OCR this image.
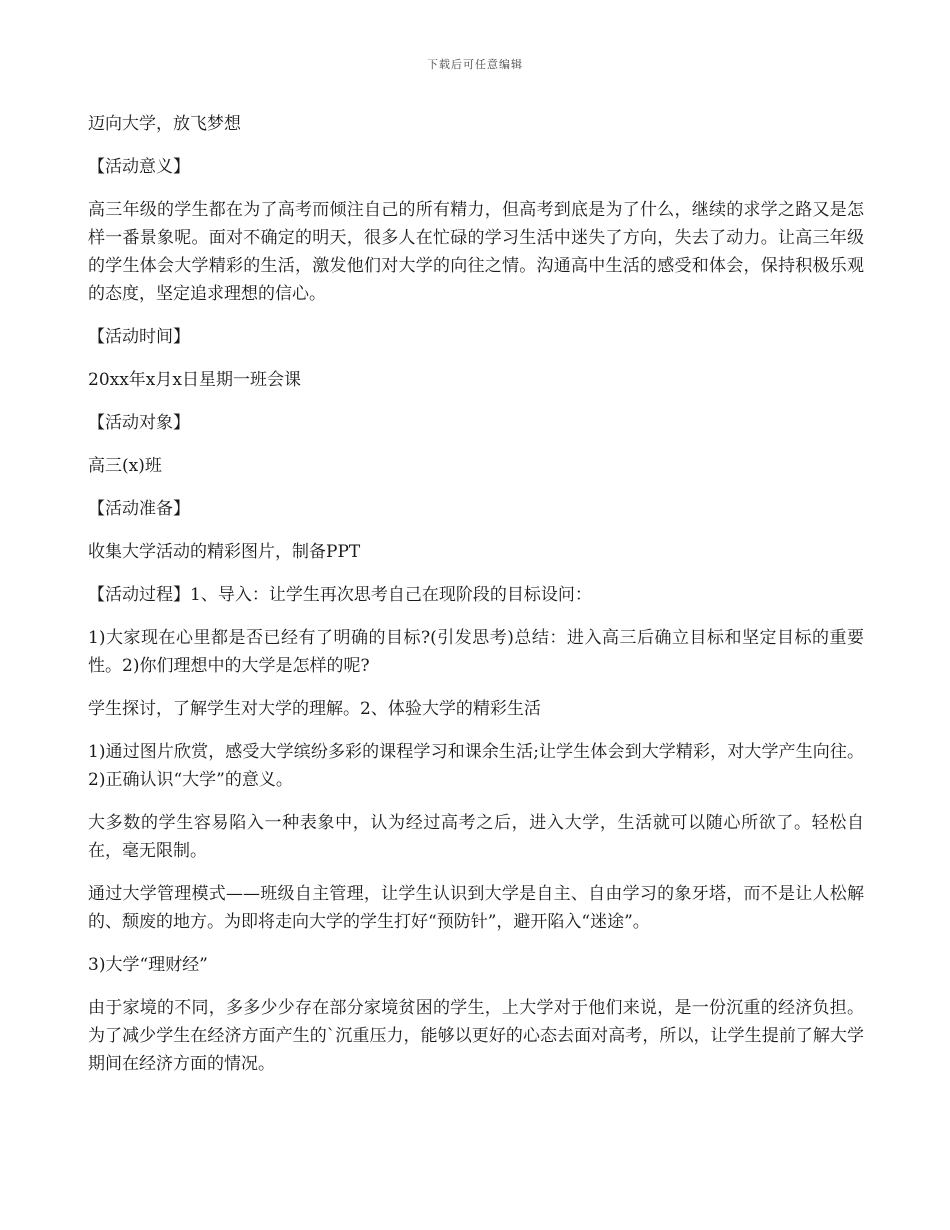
下载后可任意编辑

迈向大学，放飞梦想

【活动意义】

高三年级的学生都在为了高考而倾注自己的所有精力，但高考到底是为了什么，继续的求学之路又是怎样一番景象呢。面对不确定的明天，很多人在忙碌的学习生活中迷失了方向，失去了动力。让高三年级的学生体会大学精彩的生活，激发他们对大学的向往之情。沟通高中生活的感受和体会，保持积极乐观的态度，坚定追求理想的信心。

【活动时间】

20xx年x月x日星期一班会课

【活动对象】

高三(x)班

【活动准备】

收集大学活动的精彩图片，制备PPT

【活动过程】1、导入：让学生再次思考自己在现阶段的目标设问：

1)大家现在心里都是否已经有了明确的目标?(引发思考)总结：进入高三后确立目标和坚定目标的重要性。2)你们理想中的大学是怎样的呢?

学生探讨，了解学生对大学的理解。2、体验大学的精彩生活

1)通过图片欣赏，感受大学缤纷多彩的课程学习和课余生活;让学生体会到大学精彩，对大学产生向往。2)正确认识“大学”的意义。

大多数的学生容易陷入一种表象中，认为经过高考之后，进入大学，生活就可以随心所欲了。轻松自在，毫无限制。

通过大学管理模式——班级自主管理，让学生认识到大学是自主、自由学习的象牙塔，而不是让人松解的、颓废的地方。为即将走向大学的学生打好“预防针”，避开陷入“迷途”。

3)大学“理财经”

由于家境的不同，多多少少存在部分家境贫困的学生，上大学对于他们来说，是一份沉重的经济负担。为了减少学生在经济方面产生的`沉重压力，能够以更好的心态去面对高考，所以，让学生提前了解大学期间在经济方面的情况。
